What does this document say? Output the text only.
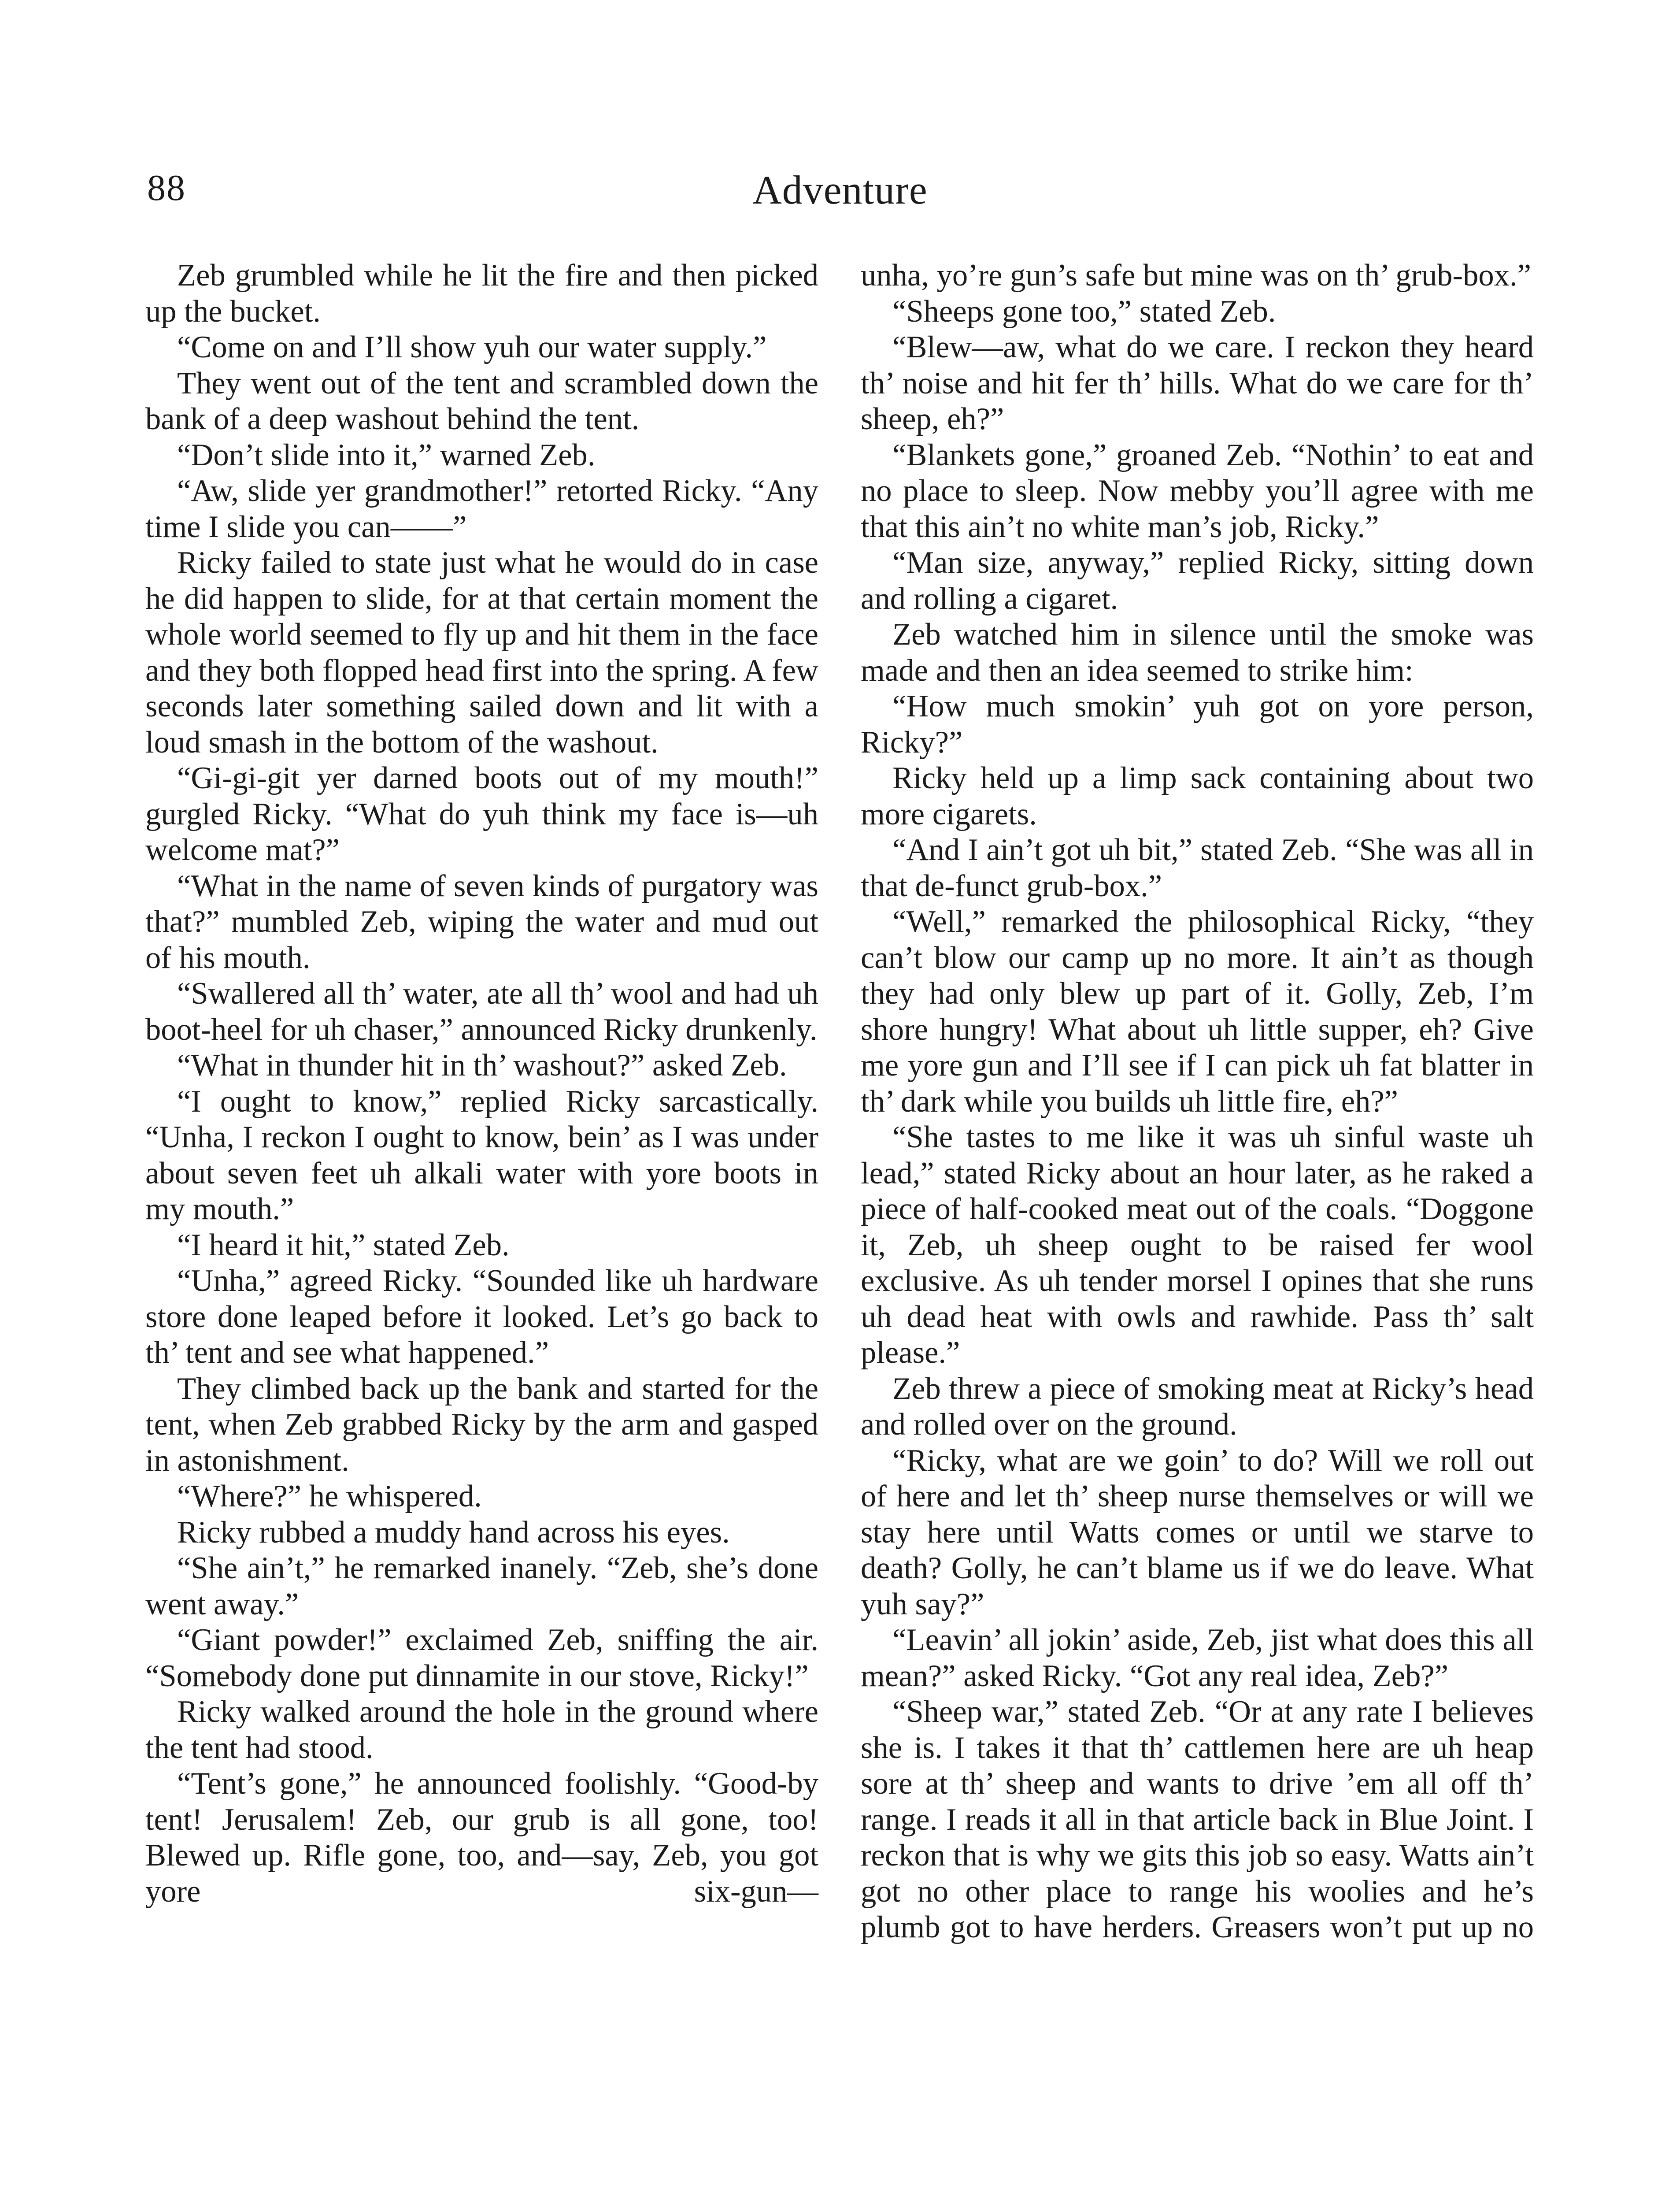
88	Adventure

Zeb grumbled while he lit the fire and then picked up the bucket.

“Come on and I’ll show yuh our water supply.”

They went out of the tent and scrambled down the bank of a deep washout behind the tent.

“Don’t slide into it,” warned Zeb.

“Aw, slide yer grandmother!” retorted Ricky. “Any time I slide you can——”

Ricky failed to state just what he would do in case he did happen to slide, for at that certain moment the whole world seemed to fly up and hit them in the face and they both flopped head first into the spring. A few seconds later something sailed down and lit with a loud smash in the bottom of the washout.

“Gi-gi-git yer darned boots out of my mouth!” gurgled Ricky. “What do yuh think my face is—uh welcome mat?”

“What in the name of seven kinds of purgatory was that?” mumbled Zeb, wiping the water and mud out of his mouth.

“Swallered all th’ water, ate all th’ wool and had uh boot-heel for uh chaser,” announced Ricky drunkenly.

“What in thunder hit in th’ washout?” asked Zeb.

“I ought to know,” replied Ricky sarcastically. “Unha, I reckon I ought to know, bein’ as I was under about seven feet uh alkali water with yore boots in my mouth.”

“I heard it hit,” stated Zeb.

“Unha,” agreed Ricky. “Sounded like uh hardware store done leaped before it looked. Let’s go back to th’ tent and see what happened.”

They climbed back up the bank and started for the tent, when Zeb grabbed Ricky by the arm and gasped in astonishment.

“Where?” he whispered.

Ricky rubbed a muddy hand across his eyes.

“She ain’t,” he remarked inanely. “Zeb, she’s done went away.”

“Giant powder!” exclaimed Zeb, sniffing the air. “Somebody done put dinnamite in our stove, Ricky!”

Ricky walked around the hole in the ground where the tent had stood.

“Tent’s gone,” he announced foolishly. “Good-by tent! Jerusalem! Zeb, our grub is all gone, too! Blewed up. Rifle gone, too, and—say, Zeb, you got yore six-gun—

unha, yo’re gun’s safe but mine was on th’ grub-box.”

“Sheeps gone too,” stated Zeb.

“Blew—aw, what do we care. I reckon they heard th’ noise and hit fer th’ hills. What do we care for th’ sheep, eh?”

“Blankets gone,” groaned Zeb. “Nothin’ to eat and no place to sleep. Now mebby you’ll agree with me that this ain’t no white man’s job, Ricky.”

“Man size, anyway,” replied Ricky, sitting down and rolling a cigaret.

Zeb watched him in silence until the smoke was made and then an idea seemed to strike him:

“How much smokin’ yuh got on yore person, Ricky?”

Ricky held up a limp sack containing about two more cigarets.

“And I ain’t got uh bit,” stated Zeb. “She was all in that de-funct grub-box.”

“Well,” remarked the philosophical Ricky, “they can’t blow our camp up no more. It ain’t as though they had only blew up part of it. Golly, Zeb, I’m shore hungry! What about uh little supper, eh? Give me yore gun and I’ll see if I can pick uh fat blatter in th’ dark while you builds uh little fire, eh?”

“She tastes to me like it was uh sinful waste uh lead,” stated Ricky about an hour later, as he raked a piece of half-cooked meat out of the coals. “Doggone it, Zeb, uh sheep ought to be raised fer wool exclusive. As uh tender morsel I opines that she runs uh dead heat with owls and rawhide. Pass th’ salt please.”

Zeb threw a piece of smoking meat at Ricky’s head and rolled over on the ground.

“Ricky, what are we goin’ to do? Will we roll out of here and let th’ sheep nurse themselves or will we stay here until Watts comes or until we starve to death? Golly, he can’t blame us if we do leave. What yuh say?”

“Leavin’ all jokin’ aside, Zeb, jist what does this all mean?” asked Ricky. “Got any real idea, Zeb?”

“Sheep war,” stated Zeb. “Or at any rate I believes she is. I takes it that th’ cattlemen here are uh heap sore at th’ sheep and wants to drive ’em all off th’ range. I reads it all in that article back in Blue Joint. I reckon that is why we gits this job so easy. Watts ain’t got no other place to range his woolies and he’s plumb got to have herders. Greasers won’t put up no
